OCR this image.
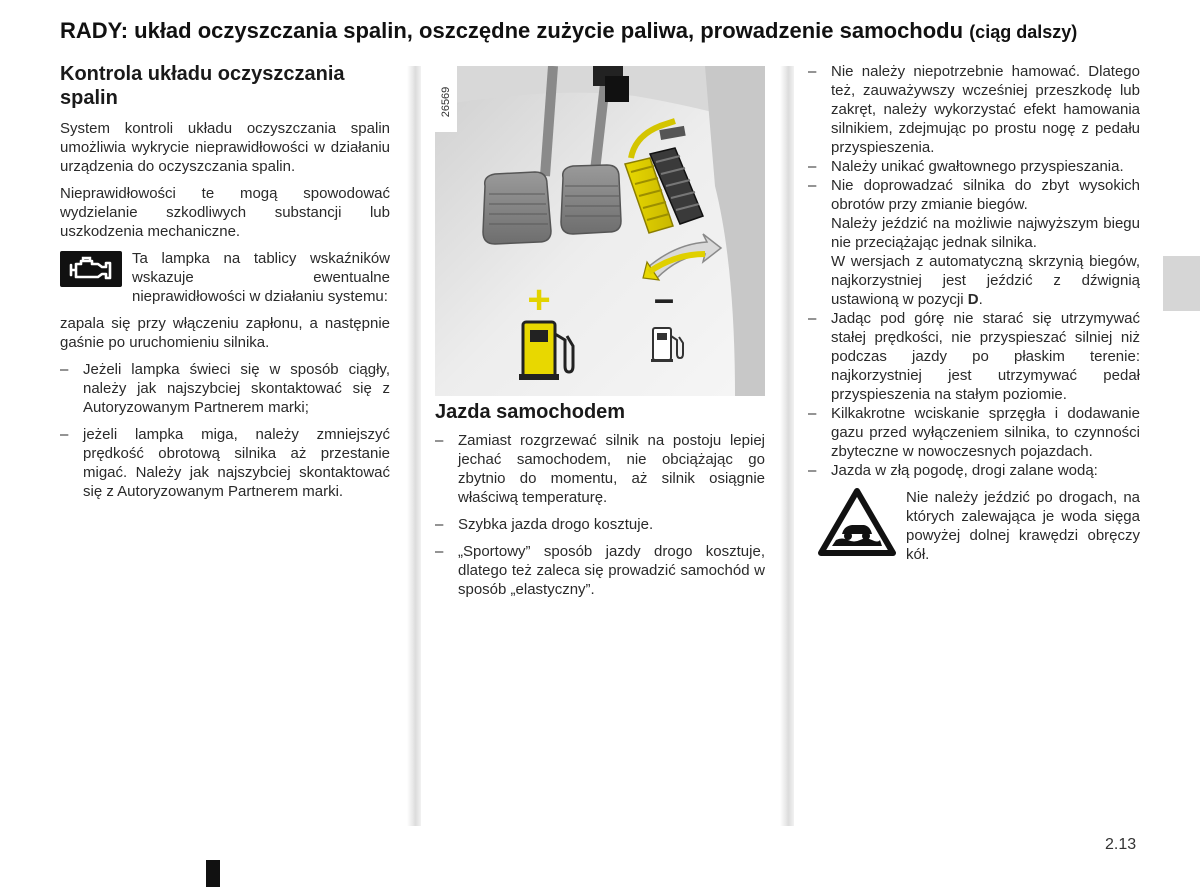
RADY: układ oczyszczania spalin, oszczędne zużycie paliwa, prowadzenie samochodu (ciąg dalszy)
Kontrola układu oczyszczania spalin
System kontroli układu oczyszczania spalin umożliwia wykrycie nieprawidłowości w działaniu urządzenia do oczyszczania spalin.
Nieprawidłowości te mogą spowodować wydzielanie szkodliwych substancji lub uszkodzenia mechaniczne.
Ta lampka na tablicy wskaźników wskazuje ewentualne nieprawidłowości w działaniu systemu:
zapala się przy włączeniu zapłonu, a następnie gaśnie po uruchomieniu silnika.
– Jeżeli lampka świeci się w sposób ciągły, należy jak najszybciej skontaktować się z Autoryzowanym Partnerem marki;
– jeżeli lampka miga, należy zmniejszyć prędkość obrotową silnika aż przestanie migać. Należy jak najszybciej skontaktować się z Autoryzowanym Partnerem marki.
+	–
26569
Jazda samochodem
– Zamiast rozgrzewać silnik na postoju lepiej jechać samochodem, nie obciążając go zbytnio do momentu, aż silnik osiągnie właściwą temperaturę.
– Szybka jazda drogo kosztuje.
– „Sportowy” sposób jazdy drogo kosztuje, dlatego też zaleca się prowadzić samochód w sposób „elastyczny”.
– Nie należy niepotrzebnie hamować. Dlatego też, zauważywszy wcześniej przeszkodę lub zakręt, należy wykorzystać efekt hamowania silnikiem, zdejmując po prostu nogę z pedału przyspieszenia.
– Należy unikać gwałtownego przyspieszania.
– Nie doprowadzać silnika do zbyt wysokich obrotów przy zmianie biegów.
Należy jeździć na możliwie najwyższym biegu nie przeciążając jednak silnika.
W wersjach z automatyczną skrzynią biegów, najkorzystniej jest jeździć z dźwignią ustawioną w pozycji D.
– Jadąc pod górę nie starać się utrzymywać stałej prędkości, nie przyspieszać silniej niż podczas jazdy po płaskim terenie: najkorzystniej jest utrzymywać pedał przyspieszenia na stałym poziomie.
– Kilkakrotne wciskanie sprzęgła i dodawanie gazu przed wyłączeniem silnika, to czynności zbyteczne w nowoczesnych pojazdach.
– Jazda w złą pogodę, drogi zalane wodą:
Nie należy jeździć po drogach, na których zalewająca je woda sięga powyżej dolnej krawędzi obręczy kół.
2.13
